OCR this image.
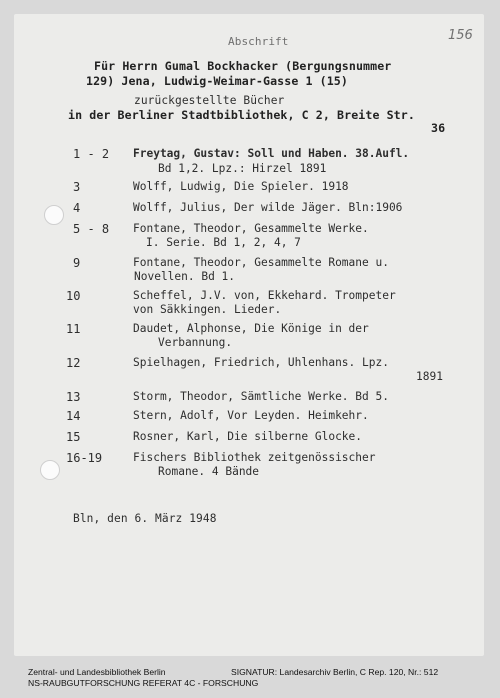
Abschrift	156
Für Herrn Gumal Bockhacker (Bergungsnummer
129) Jena, Ludwig-Weimar-Gasse 1 (15)
zurückgestellte Bücher
in der Berliner Stadtbibliothek, C 2, Breite Str.
36
1 - 2 Freytag, Gustav: Soll und Haben. 38.Aufl.
Bd 1,2. Lpz.: Hirzel 1891
3	Wolff, Ludwig, Die Spieler. 1918
4	Wolff, Julius, Der wilde Jäger. Bln:1906
5 - 8 Fontane, Theodor, Gesammelte Werke.
I. Serie. Bd 1, 2, 4, 7
9	Fontane, Theodor, Gesammelte Romane u.
Novellen. Bd 1.
10	Scheffel, J.V. von, Ekkehard. Trompeter
von Säkkingen. Lieder.
11	Daudet, Alphonse, Die Könige in der
Verbannung.
12	Spielhagen, Friedrich, Uhlenhans. Lpz.
1891
13	Storm, Theodor, Sämtliche Werke. Bd 5.
14	Stern, Adolf, Vor Leyden. Heimkehr.
15	Rosner, Karl, Die silberne Glocke.
16-19	Fischers Bibliothek zeitgenössischer
Romane. 4 Bände
Bln, den 6. März 1948
Zentral- und Landesbibliothek Berlin
NS-RAUBGUTFORSCHUNG REFERAT 4C - FORSCHUNG
SIGNATUR: Landesarchiv Berlin, C Rep. 120, Nr.: 512
